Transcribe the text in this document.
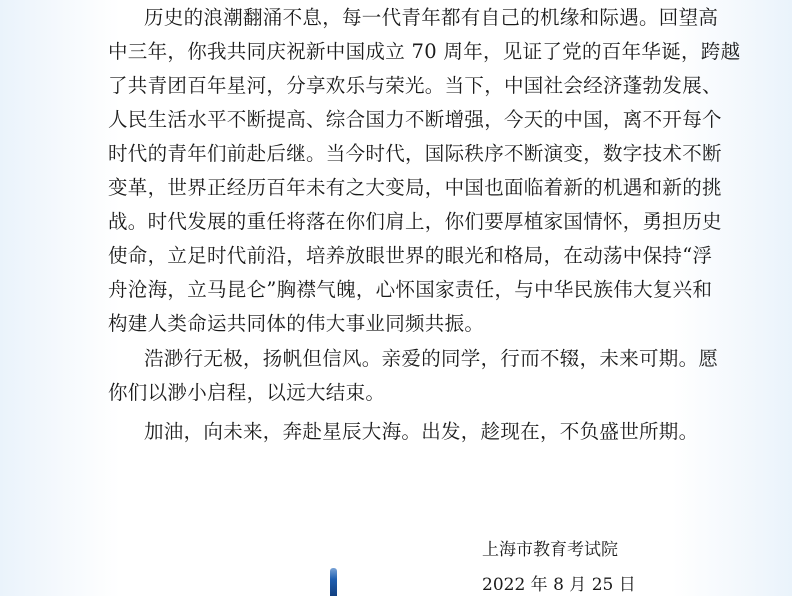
历史的浪潮翻涌不息，每一代青年都有自己的机缘和际遇。回望高
中三年，你我共同庆祝新中国成立 70 周年，见证了党的百年华诞，跨越
了共青团百年星河，分享欢乐与荣光。当下，中国社会经济蓬勃发展、
人民生活水平不断提高、综合国力不断增强，今天的中国，离不开每个
时代的青年们前赴后继。当今时代，国际秩序不断演变，数字技术不断
变革，世界正经历百年未有之大变局，中国也面临着新的机遇和新的挑
战。时代发展的重任将落在你们肩上，你们要厚植家国情怀，勇担历史
使命，立足时代前沿，培养放眼世界的眼光和格局，在动荡中保持“浮
舟沧海，立马昆仑”胸襟气魄，心怀国家责任，与中华民族伟大复兴和
构建人类命运共同体的伟大事业同频共振。
浩渺行无极，扬帆但信风。亲爱的同学，行而不辍，未来可期。愿
你们以渺小启程，以远大结束。
加油，向未来，奔赴星辰大海。出发，趁现在，不负盛世所期。
上海市教育考试院
2022 年 8 月 25 日
